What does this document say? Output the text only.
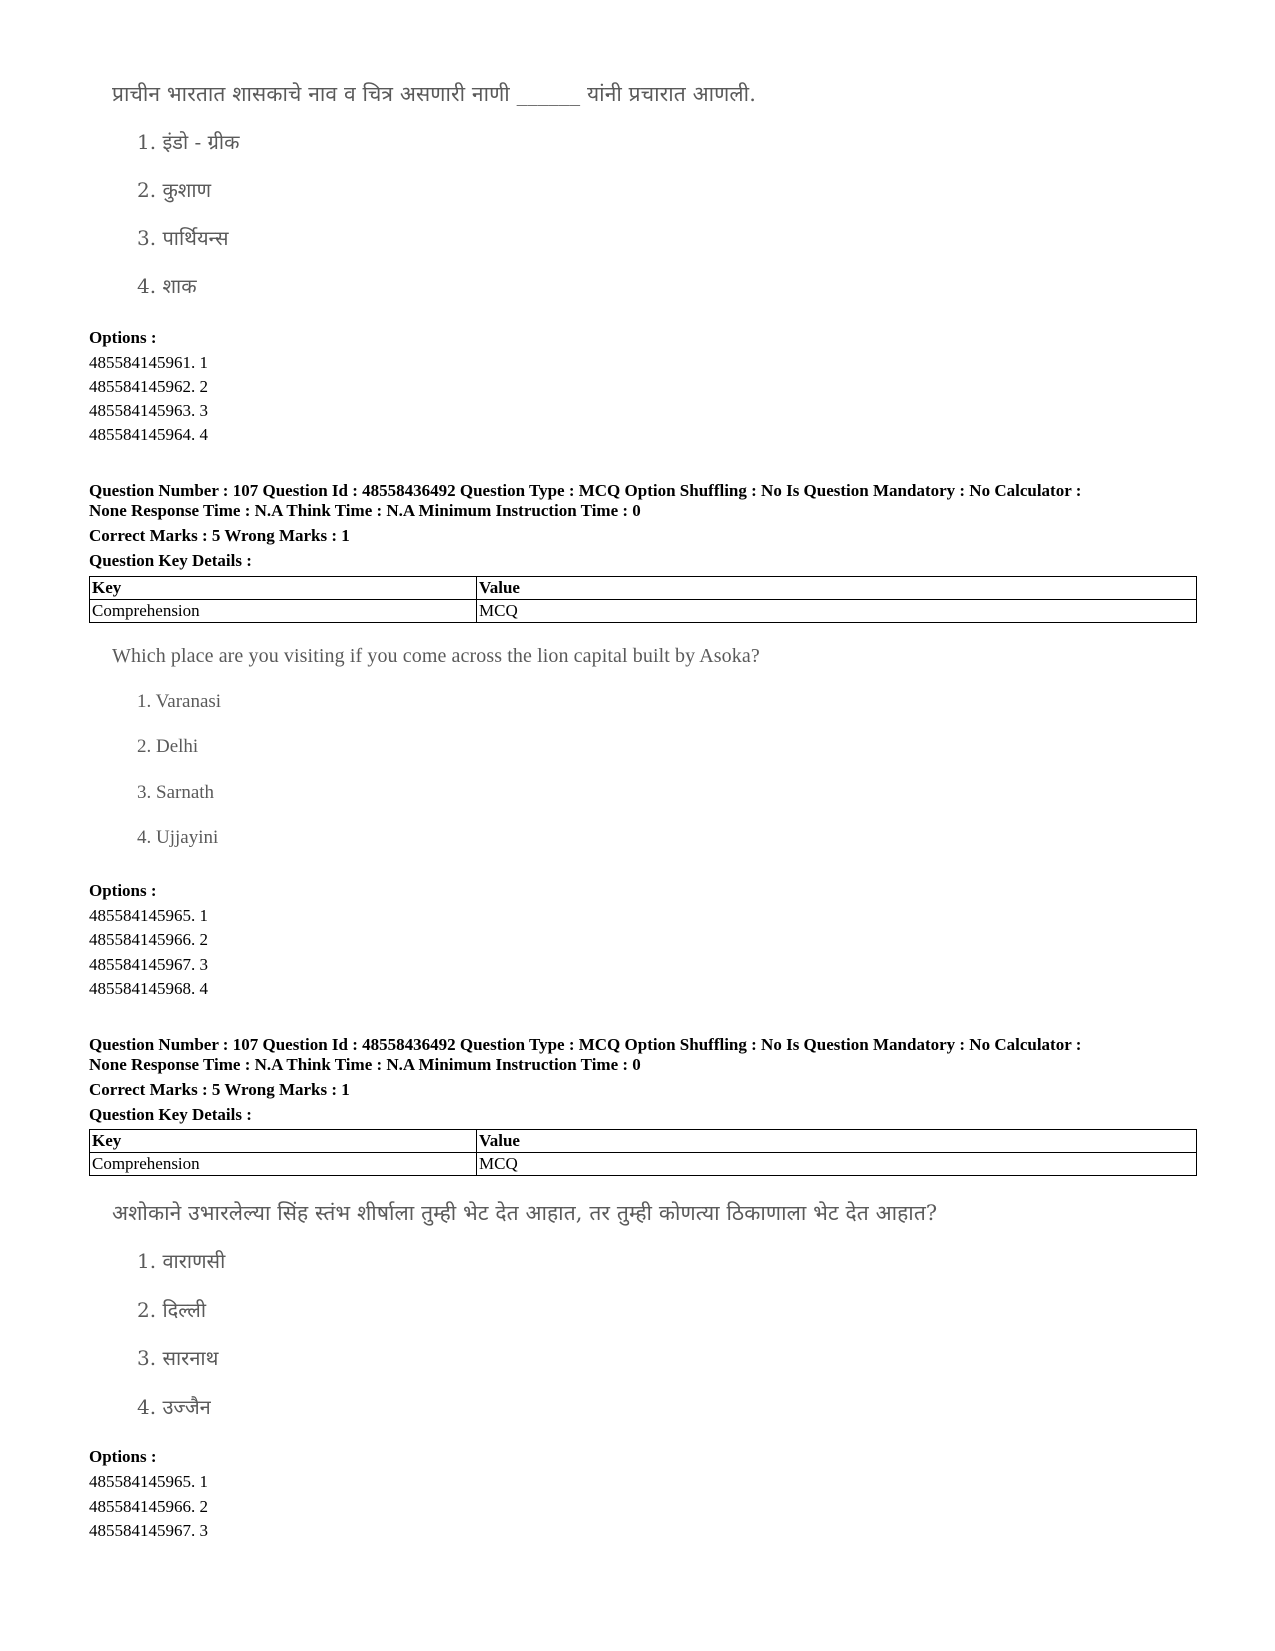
प्राचीन भारतात शासकाचे नाव व चित्र असणारी नाणी ______ यांनी प्रचारात आणली.
1. इंडो - ग्रीक
2. कुशाण
3. पार्थियन्स
4. शाक
Options :
485584145961. 1
485584145962. 2
485584145963. 3
485584145964. 4
Question Number : 107 Question Id : 48558436492 Question Type : MCQ Option Shuffling : No Is Question Mandatory : No Calculator :
None Response Time : N.A Think Time : N.A Minimum Instruction Time : 0
Correct Marks : 5 Wrong Marks : 1
Question Key Details :
Key	Value
Comprehension	MCQ
Which place are you visiting if you come across the lion capital built by Asoka?
1. Varanasi
2. Delhi
3. Sarnath
4. Ujjayini
Options :
485584145965. 1
485584145966. 2
485584145967. 3
485584145968. 4
Question Number : 107 Question Id : 48558436492 Question Type : MCQ Option Shuffling : No Is Question Mandatory : No Calculator :
None Response Time : N.A Think Time : N.A Minimum Instruction Time : 0
Correct Marks : 5 Wrong Marks : 1
Question Key Details :
Key	Value
Comprehension	MCQ
अशोकाने उभारलेल्या सिंह स्तंभ शीर्षाला तुम्ही भेट देत आहात, तर तुम्ही कोणत्या ठिकाणाला भेट देत आहात?
1. वाराणसी
2. दिल्ली
3. सारनाथ
4. उज्जैन
Options :
485584145965. 1
485584145966. 2
485584145967. 3
